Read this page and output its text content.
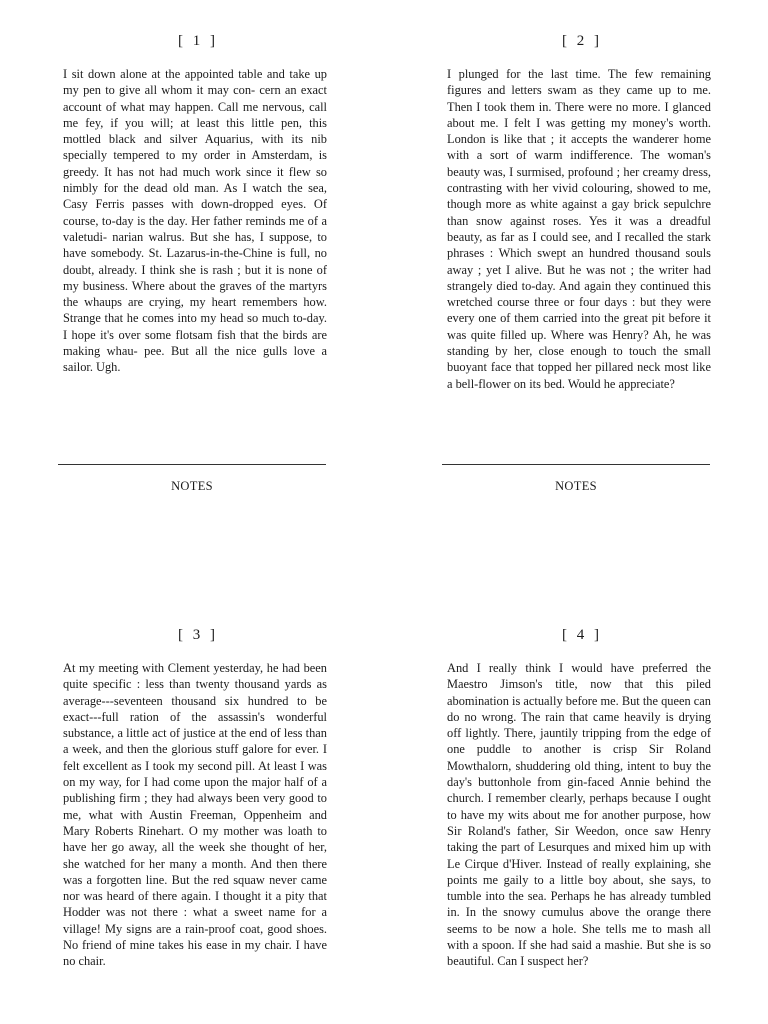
[ 1 ]
I sit down alone at the appointed table and take up my pen to give all whom it may con- cern an exact account of what may happen. Call me nervous, call me fey, if you will; at least this little pen, this mottled black and silver Aquarius, with its nib specially tempered to my order in Amsterdam, is greedy. It has not had much work since it flew so nimbly for the dead old man. As I watch the sea, Casy Ferris passes with down-dropped eyes. Of course, to-day is the day. Her father reminds me of a valetudi- narian walrus. But she has, I suppose, to have somebody. St. Lazarus-in-the-Chine is full, no doubt, already. I think she is rash ; but it is none of my business. Where about the graves of the martyrs the whaups are crying, my heart remembers how. Strange that he comes into my head so much to-day. I hope it's over some flotsam fish that the birds are making whau- pee. But all the nice gulls love a sailor. Ugh.
[ 2 ]
I plunged for the last time. The few remaining figures and letters swam as they came up to me. Then I took them in. There were no more. I glanced about me. I felt I was getting my money's worth. London is like that ; it accepts the wanderer home with a sort of warm indifference. The woman's beauty was, I surmised, profound ; her creamy dress, contrasting with her vivid colouring, showed to me, though more as white against a gay brick sepulchre than snow against roses. Yes it was a dreadful beauty, as far as I could see, and I recalled the stark phrases : Which swept an hundred thousand souls away ; yet I alive. But he was not ; the writer had strangely died to-day. And again they continued this wretched course three or four days : but they were every one of them carried into the great pit before it was quite filled up. Where was Henry? Ah, he was standing by her, close enough to touch the small buoyant face that topped her pillared neck most like a bell-flower on its bed. Would he appreciate?
NOTES	NOTES
[ 3 ]
At my meeting with Clement yesterday, he had been quite specific : less than twenty thousand yards as average---seventeen thousand six hundred to be exact---full ration of the assassin's wonderful substance, a little act of justice at the end of less than a week, and then the glorious stuff galore for ever. I felt excellent as I took my second pill. At least I was on my way, for I had come upon the major half of a publishing firm ; they had always been very good to me, what with Austin Freeman, Oppenheim and Mary Roberts Rinehart. O my mother was loath to have her go away, all the week she thought of her, she watched for her many a month. And then there was a forgotten line. But the red squaw never came nor was heard of there again. I thought it a pity that Hodder was not there : what a sweet name for a village! My signs are a rain-proof coat, good shoes. No friend of mine takes his ease in my chair. I have no chair.
[ 4 ]
And I really think I would have preferred the Maestro Jimson's title, now that this piled abomination is actually before me. But the queen can do no wrong. The rain that came heavily is drying off lightly. There, jauntily tripping from the edge of one puddle to another is crisp Sir Roland Mowthalorn, shuddering old thing, intent to buy the day's buttonhole from gin-faced Annie behind the church. I remember clearly, perhaps because I ought to have my wits about me for another purpose, how Sir Roland's father, Sir Weedon, once saw Henry taking the part of Lesurques and mixed him up with Le Cirque d'Hiver. Instead of really explaining, she points me gaily to a little boy about, she says, to tumble into the sea. Perhaps he has already tumbled in. In the snowy cumulus above the orange there seems to be now a hole. She tells me to mash all with a spoon. If she had said a mashie. But she is so beautiful. Can I suspect her?
